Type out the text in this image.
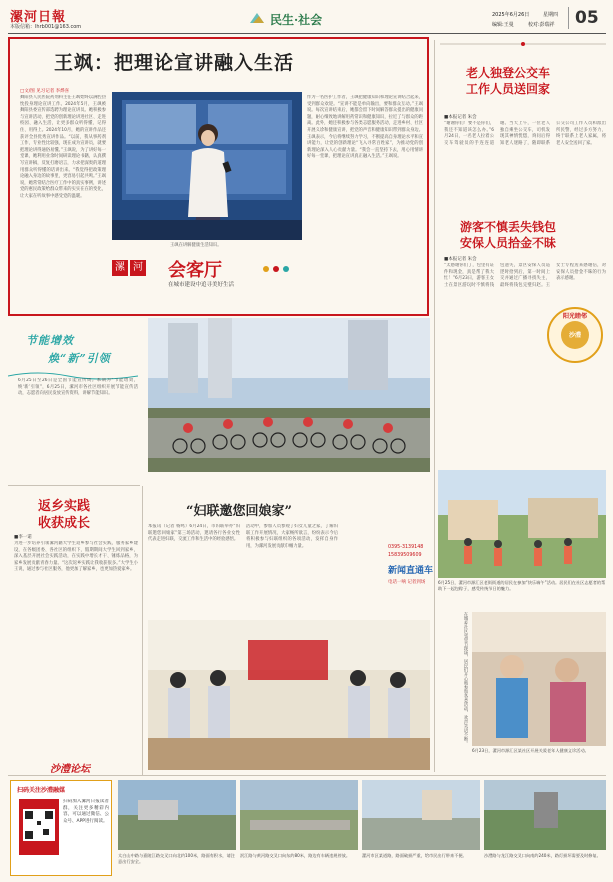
漯河日報
本版信箱：lhrb001@163.com	民生·社会	2025年6月26日	星期四
编辑:王曼	校对:彭瑞祥 05
王飒：把理论宣讲融入生活
□文/图 见习记者 李烨喜
舞阳县人民医院药剂科主任王飒始终以满腔热忱投身理论宣讲工作。2024年5月，王飒被舞阳县委宣传部选聘为理论宣讲员。她积极参与宣讲活动，把党的创新理论讲进社区、走进校园、融入生活，让更多群众听得懂、记得住、用得上。2024年10月，她的宣讲作品还获评全县优秀宣讲作品。“以前，我从事药剂工作，专业性比较强，现在成为宣讲员，就要把理论讲得通俗易懂。”王飒说，为了讲好每一堂课，她利用业余时间研读理论书籍，认真撰写宣讲稿，反复打磨语言，力求把深奥的道理用群众听得懂的话讲出来。“我觉得把政策理论融入身边的故事里，更容易引起共鸣。”王飒说，她常常结合医疗工作中的真实事例，讲述党的惠民政策给群众带来的实实在在的变化，让大家在听故事中感受党的温暖。
王飒在讲解健康生活知识。
漯 河 会客厅
在城市建设中追寻美好生活
作为一名医护工作者，王飒把健康知识和理论宣讲结合起来，受到群众欢迎。“宣讲不能是单向输出，要和群众互动。”王飒说。每次宣讲结束后，她都会留下时间解答群众提出的健康问题，耐心细致地讲解用药常识和健康知识，拉近了与群众的距离。此外，她还积极参与各类志愿服务活动，走进乡村、社区开展义诊和健康宣讲，把党的声音和健康知识带到群众身边。王飒表示，今后将继续努力学习，不断提高自身理论水平和宣讲能力，让党的创新理论“飞入寻常百姓家”，为推动党的创新理论深入人心贡献力量。“我会一直坚持下去，用心用情讲好每一堂课，把理论宣讲真正融入生活。”王飒说。
老人独登公交车
工作人员送回家
■本报记者 朱会
“谢谢你们！要不是你们，我还不知道该怎么办。”6月24日，一名老人拉着公交车驾驶员的手连连道谢。当天上午，一位老人独自乘坐公交车，司机发现其神情恍惚，询问后得知老人迷路了，随即联系公交公司工作人员和派出所民警，经过多方努力，终于联系上老人家属，将老人安全送回了家。
游客不慎丢失钱包
安保人员拾金不昧
■本报记者 朱会
“太感谢你们了，包里有证件和现金，真是帮了我大忙！”6月23日，游客王女士在景区游玩时不慎将钱包遗失，景区安保人员巡逻时拾到后，第一时间上交并通过广播寻找失主，最终将钱包完璧归赵。王女士专程送来感谢信，对安保人员拾金不昧的行为表示感谢。
阳光睦邻
沙澧
节能增效
焕“新”引领
6月25日至26日是全国节能宣传周。本期为“节能增效，焕‘新’引领”，6月25日，漯河市各社区组织开展节能宣传活动，志愿者向居民发放宣传资料，讲解节能知识。
返乡实践
收获成长
■李一诺
为进一步培养引领漯河籍大学生返乡参与社会实践，服务家乡建设，在各级团委、各社区的组织下，假期期间大学生回到家乡，深入基层开展社会实践活动，在实践中增长才干、锤炼品格，为家乡发展贡献青春力量。“这次返乡实践让我收获很多。”大学生小王说，通过参与社区服务，他更加了解家乡，也更加热爱家乡。
沙澧论坛
“妇联邀您回娘家”
本报讯（记者 杨鸣）6月24日，市妇联举办“妇联邀您回娘家”第三场活动，邀请各行各业女性代表走进妇联，交流工作和生活中的经验感悟。
活动中，参加人员参观了妇女儿童之家，了解妇联工作开展情况，大家畅所欲言，纷纷表示今后将积极参与妇联组织的各项活动，发挥自身作用，为漯河发展贡献巾帼力量。	0395-3139148
15839509609
新闻直通车
电话一响 记者到场	6月25日，漯河市源汇区老街街道的居民在参加“快乐端午”活动。居民们在社区志愿者的帮助下一起包粽子，感受传统节日的魅力。
在城乡社区邻里节现场，居民们开心地参加各类活动，欢声笑语不断。
6月23日，漯河市源汇区某社区开展关爱老年人健康义诊活动。
扫码关注沙澧融媒
扫码加入漯河日报读者群，关注更多精彩内容，可以通过微信、公众号、APP进行阅读。
太白山中路与嘉陵江路交叉口向北约100米，路面有积水，请注意出行安全。
泯江路与黄河路交叉口向东约80米，路边有车辆违规停放。	漯河市区某道路，路面破损严重，给市民出行带来不便。	沙澧路与龙江路交叉口向南约240米，路灯损坏需要及时修复。
